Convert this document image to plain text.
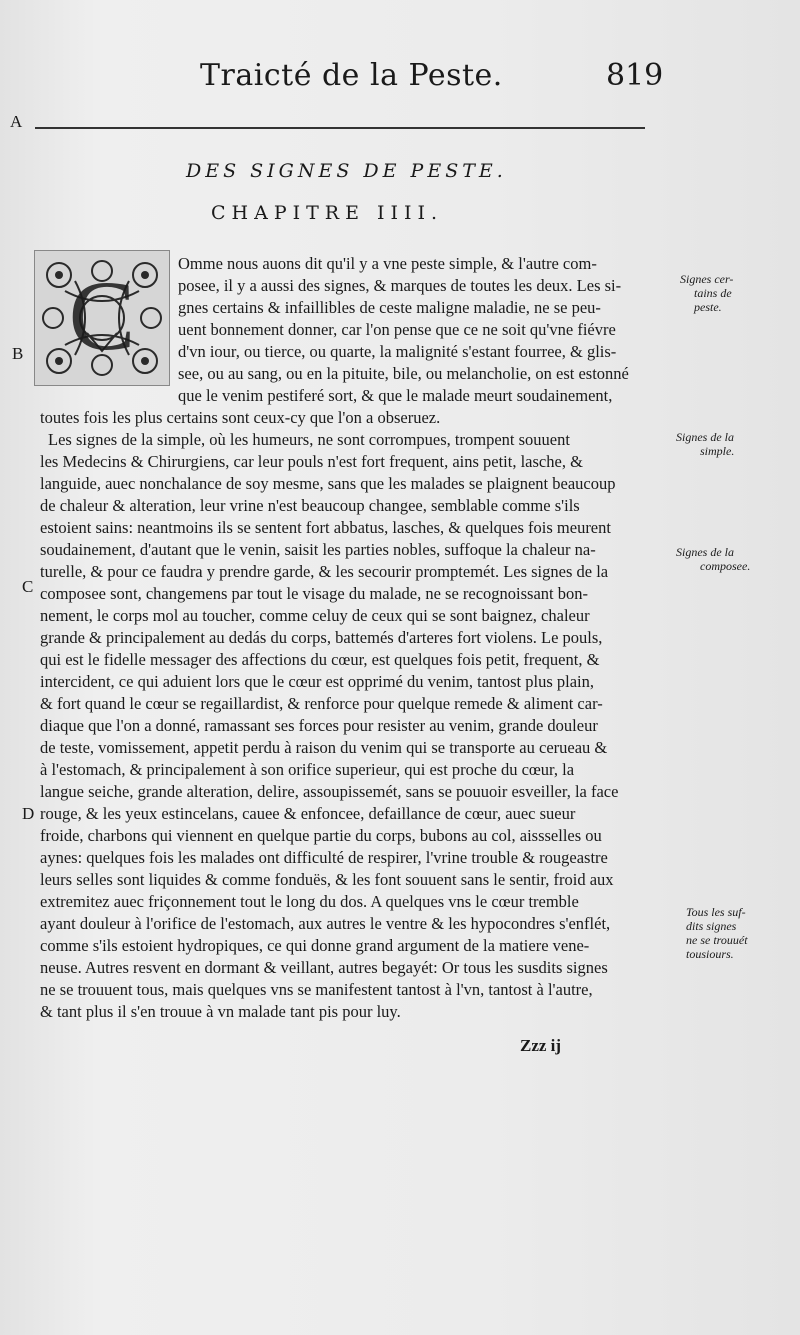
Traicté de la Peste.	819
A
B
C
D
DES SIGNES DE PESTE.
CHAPITRE IIII.
C	Omme nous auons dit qu'il y a vne peste simple, & l'autre com-
posee, il y a aussi des signes, & marques de toutes les deux. Les si-
gnes certains & infaillibles de ceste maligne maladie, ne se peu-
uent bonnement donner, car l'on pense que ce ne soit qu'vne fiévre
d'vn iour, ou tierce, ou quarte, la malignité s'estant fourree, & glis-
see, ou au sang, ou en la pituite, bile, ou melancholie, on est estonné
que le venim pestiferé sort, & que le malade meurt soudainement,
toutes fois les plus certains sont ceux-cy que l'on a obseruez.
Les signes de la simple, où les humeurs, ne sont corrompues, trompent souuent
les Medecins & Chirurgiens, car leur pouls n'est fort frequent, ains petit, lasche, &
languide, auec nonchalance de soy mesme, sans que les malades se plaignent beaucoup
de chaleur & alteration, leur vrine n'est beaucoup changee, semblable comme s'ils
estoient sains: neantmoins ils se sentent fort abbatus, lasches, & quelques fois meurent
soudainement, d'autant que le venin, saisit les parties nobles, suffoque la chaleur na-
turelle, & pour ce faudra y prendre garde, & les secourir promptemét. Les signes de la
composee sont, changemens par tout le visage du malade, ne se recognoissant bon-
nement, le corps mol au toucher, comme celuy de ceux qui se sont baignez, chaleur
grande & principalement au dedás du corps, battemés d'arteres fort violens. Le pouls,
qui est le fidelle messager des affections du cœur, est quelques fois petit, frequent, &
intercident, ce qui aduient lors que le cœur est opprimé du venim, tantost plus plain,
& fort quand le cœur se regaillardist, & renforce pour quelque remede & aliment car-
diaque que l'on a donné, ramassant ses forces pour resister au venim, grande douleur
de teste, vomissement, appetit perdu à raison du venim qui se transporte au cerueau &
à l'estomach, & principalement à son orifice superieur, qui est proche du cœur, la
langue seiche, grande alteration, delire, assoupissemét, sans se pouuoir esveiller, la face
rouge, & les yeux estincelans, cauee & enfoncee, defaillance de cœur, auec sueur
froide, charbons qui viennent en quelque partie du corps, bubons au col, aissselles ou
aynes: quelques fois les malades ont difficulté de respirer, l'vrine trouble & rougeastre
leurs selles sont liquides & comme fonduës, & les font souuent sans le sentir, froid aux
extremitez auec friçonnement tout le long du dos. A quelques vns le cœur tremble
ayant douleur à l'orifice de l'estomach, aux autres le ventre & les hypocondres s'enflét,
comme s'ils estoient hydropiques, ce qui donne grand argument de la matiere vene-
neuse. Autres resvent en dormant & veillant, autres begayét: Or tous les susdits signes
ne se trouuent tous, mais quelques vns se manifestent tantost à l'vn, tantost à l'autre,
& tant plus il s'en trouue à vn malade tant pis pour luy.
Signes cer-
tains de
peste.
Signes de la
simple.
Signes de la
composee.
Tous les suf-
dits signes
ne se trouuét
tousiours.
Zzz ij
